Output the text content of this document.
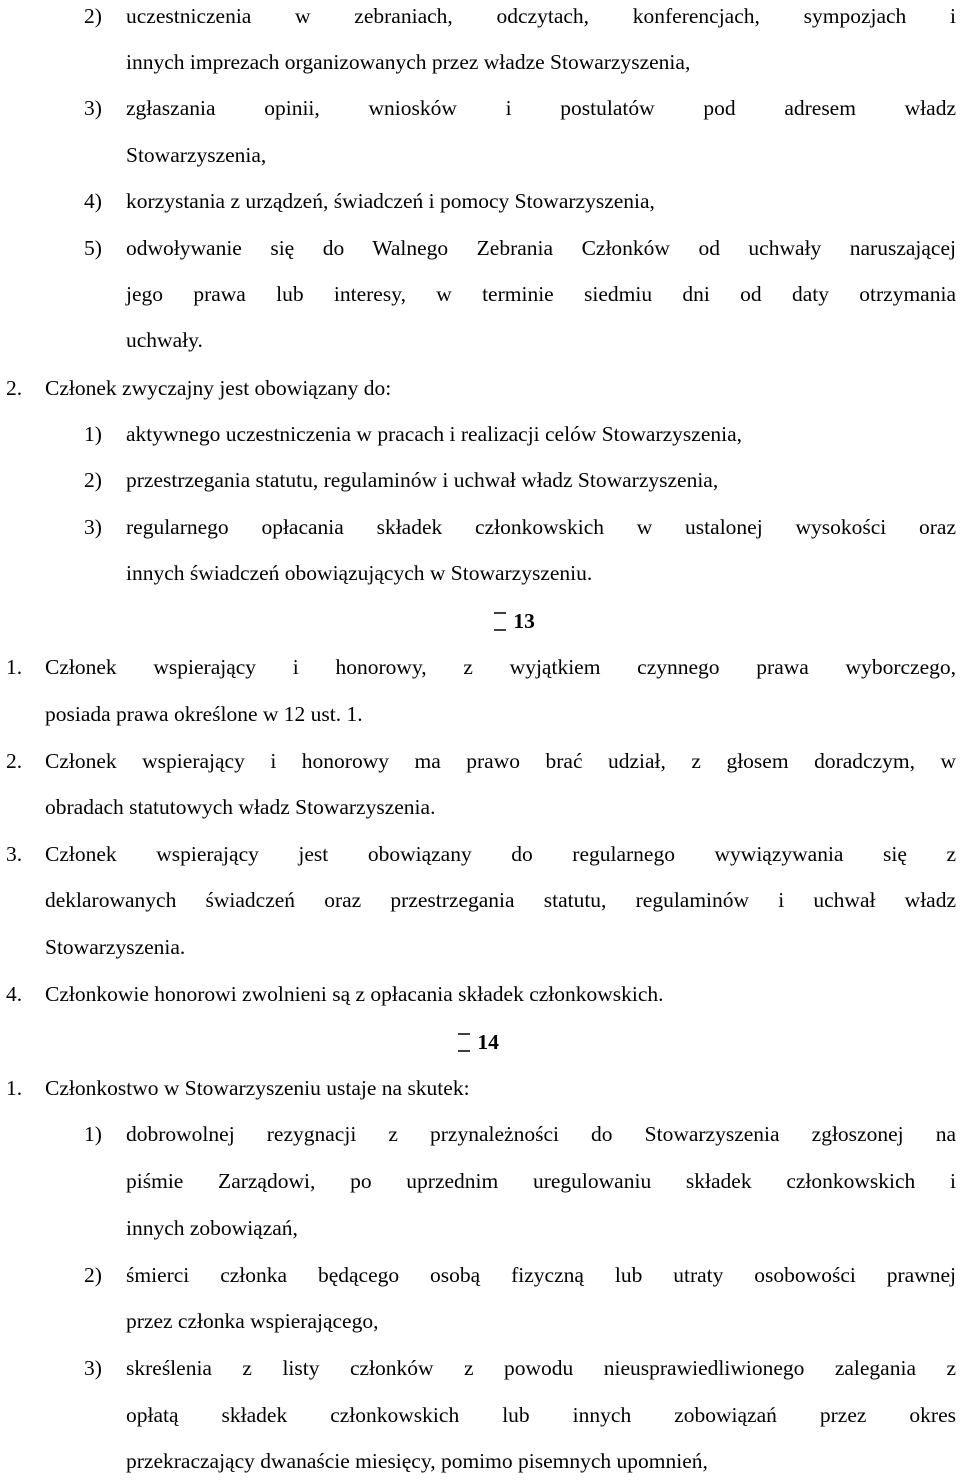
2) uczestniczenia w zebraniach, odczytach, konferencjach, sympozjach i
innych imprezach organizowanych przez władze Stowarzyszenia,
3) zgłaszania opinii, wniosków i postulatów pod adresem władz
Stowarzyszenia,
4) korzystania z urządzeń, świadczeń i pomocy Stowarzyszenia,
5) odwoływanie się do Walnego Zebrania Członków od uchwały naruszającej
jego prawa lub interesy, w terminie siedmiu dni od daty otrzymania
uchwały.
2. Członek zwyczajny jest obowiązany do:
1) aktywnego uczestniczenia w pracach i realizacji celów Stowarzyszenia,
2) przestrzegania statutu, regulaminów i uchwał władz Stowarzyszenia,
3) regularnego opłacania składek członkowskich w ustalonej wysokości oraz
innych świadczeń obowiązujących w Stowarzyszeniu.
13
1. Członek wspierający i honorowy, z wyjątkiem czynnego prawa wyborczego,
posiada prawa określone w 12 ust. 1.
2. Członek wspierający i honorowy ma prawo brać udział, z głosem doradczym, w
obradach statutowych władz Stowarzyszenia.
3. Członek wspierający jest obowiązany do regularnego wywiązywania się z
deklarowanych świadczeń oraz przestrzegania statutu, regulaminów i uchwał władz
Stowarzyszenia.
4. Członkowie honorowi zwolnieni są z opłacania składek członkowskich.
14
1. Członkostwo w Stowarzyszeniu ustaje na skutek:
1) dobrowolnej rezygnacji z przynależności do Stowarzyszenia zgłoszonej na
piśmie Zarządowi, po uprzednim uregulowaniu składek członkowskich i
innych zobowiązań,
2) śmierci członka będącego osobą fizyczną lub utraty osobowości prawnej
przez członka wspierającego,
3) skreślenia z listy członków z powodu nieusprawiedliwionego zalegania z
opłatą składek członkowskich lub innych zobowiązań przez okres
przekraczający dwanaście miesięcy, pomimo pisemnych upomnień,
